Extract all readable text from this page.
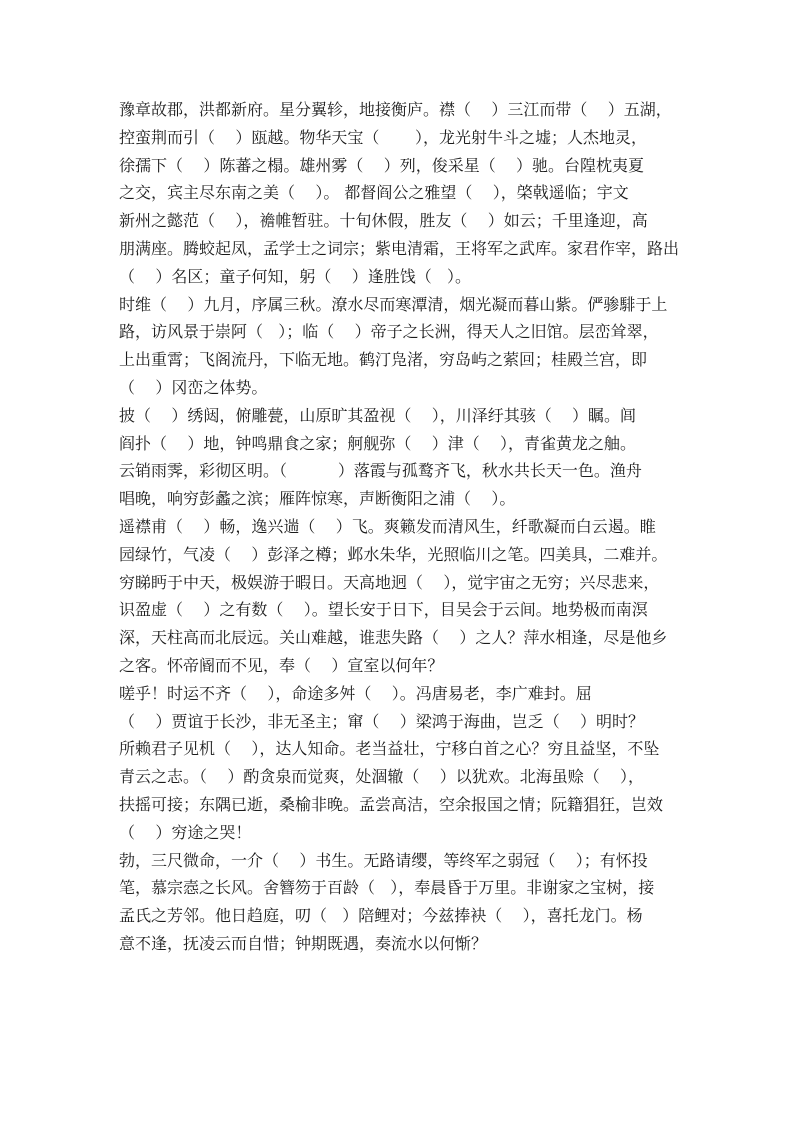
豫章故郡，洪都新府。星分翼轸，地接衡庐。襟（    ）三江而带（    ）五湖，
控蛮荆而引（    ）瓯越。物华天宝（       ），龙光射牛斗之墟；人杰地灵，
徐孺下（    ）陈蕃之榻。雄州雾（    ）列，俊采星（    ）驰。台隍枕夷夏
之交，宾主尽东南之美（    ）。 都督阎公之雅望（    ），棨戟遥临；宇文
新州之懿范（    ），襜帷暂驻。十旬休假，胜友（    ）如云；千里逢迎，高
朋满座。腾蛟起凤，孟学士之词宗；紫电清霜，王将军之武库。家君作宰，路出
（    ）名区；童子何知，躬（    ）逢胜饯（   ）。
时维（    ）九月，序属三秋。潦水尽而寒潭清，烟光凝而暮山紫。俨骖騑于上
路，访风景于崇阿（   ）；临（    ）帝子之长洲，得天人之旧馆。层峦耸翠，
上出重霄；飞阁流丹，下临无地。鹤汀凫渚，穷岛屿之萦回；桂殿兰宫，即
（    ）冈峦之体势。
披（    ）绣闼，俯雕甍，山原旷其盈视（    ），川泽纡其骇（    ）瞩。闾
阎扑（    ）地，钟鸣鼎食之家；舸舰弥（    ）津（    ），青雀黄龙之舳。
云销雨霁，彩彻区明。（          ）落霞与孤鹜齐飞，秋水共长天一色。渔舟
唱晚，响穷彭蠡之滨；雁阵惊寒，声断衡阳之浦（    ）。
遥襟甫（    ）畅，逸兴遄（    ）飞。爽籁发而清风生，纤歌凝而白云遏。睢
园绿竹，气凌（    ）彭泽之樽；邺水朱华，光照临川之笔。四美具，二难并。
穷睇眄于中天，极娱游于暇日。天高地迥（    ），觉宇宙之无穷；兴尽悲来，
识盈虚（    ）之有数（    ）。望长安于日下，目吴会于云间。地势极而南溟
深，天柱高而北辰远。关山难越，谁悲失路（    ）之人？萍水相逢，尽是他乡
之客。怀帝阍而不见，奉（    ）宣室以何年？
嗟乎！时运不齐（    ），命途多舛（    ）。冯唐易老，李广难封。屈
（    ）贾谊于长沙，非无圣主；窜（    ）梁鸿于海曲，岂乏（    ）明时？
所赖君子见机（    ），达人知命。老当益壮，宁移白首之心？穷且益坚，不坠
青云之志。（    ）酌贪泉而觉爽，处涸辙（    ）以犹欢。北海虽赊（    ），
扶摇可接；东隅已逝，桑榆非晚。孟尝高洁，空余报国之情；阮籍猖狂，岂效
（    ）穷途之哭！
勃，三尺微命，一介（    ）书生。无路请缨，等终军之弱冠（    ）；有怀投
笔，慕宗悫之长风。舍簪笏于百龄（   ），奉晨昏于万里。非谢家之宝树，接
孟氏之芳邻。他日趋庭，叨（   ）陪鲤对；今兹捧袂（    ），喜托龙门。杨
意不逢，抚凌云而自惜；钟期既遇，奏流水以何惭？
